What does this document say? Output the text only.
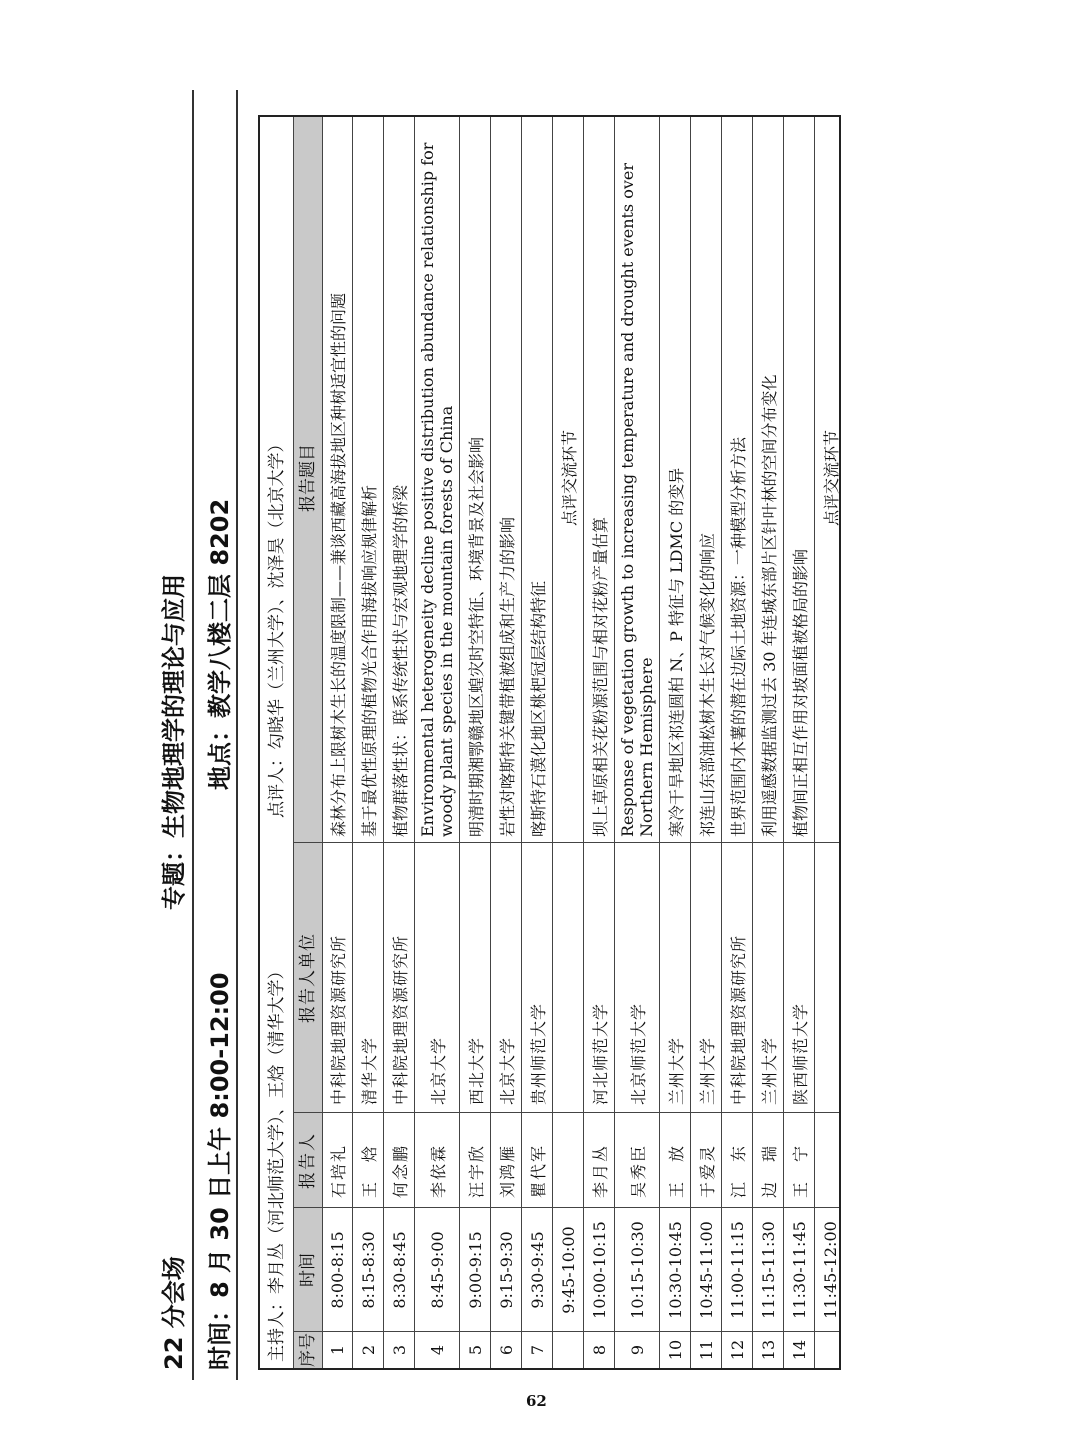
22 分会场
专题：生物地理学的理论与应用
时间：8 月 30 日上午 8:00-12:00
地点：教学八楼二层 8202
主持人：李月丛（河北师范大学）、王焓（清华大学）
点评人：勾晓华（兰州大学）、沈泽昊（北京大学）
序号
时间
报告人
报告人单位
报告题目
1
8:00-8:15
石培礼
中科院地理资源研究所
森林分布上限树木生长的温度限制——兼谈西藏高海拔地区种树适宜性的问题
2
8:15-8:30
王　焓
清华大学
基于最优性原理的植物光合作用海拔响应规律解析
3
8:30-8:45
何念鹏
中科院地理资源研究所
植物群落性状：联系传统性状与宏观地理学的桥梁
4
8:45-9:00
李依霖
北京大学
Environmental heterogeneity decline positive distribution abundance relationship for woody plant species in the mountain forests of China
5
9:00-9:15
汪宇欣
西北大学
明清时期湘鄂赣地区蝗灾时空特征、环境背景及社会影响
6
9:15-9:30
刘鸿雁
北京大学
岩性对喀斯特关键带植被组成和生产力的影响
7
9:30-9:45
瞿代军
贵州师范大学
喀斯特石漠化地区桃杷冠层结构特征
9:45-10:00
点评交流环节
8
10:00-10:15
李月丛
河北师范大学
坝上草原相关花粉源范围与相对花粉产量估算
9
10:15-10:30
吴秀臣
北京师范大学
Response of vegetation growth to increasing temperature and drought events over Northern Hemisphere
10
10:30-10:45
王　放
兰州大学
寒冷干旱地区祁连圆柏 N、P 特征与 LDMC 的变异
11
10:45-11:00
于爱灵
兰州大学
祁连山东部油松树木生长对气候变化的响应
12
11:00-11:15
江　东
中科院地理资源研究所
世界范围内木薯的潜在边际土地资源：一种模型分析方法
13
11:15-11:30
边　瑞
兰州大学
利用遥感数据监测过去 30 年连城东部片区针叶林的空间分布变化
14
11:30-11:45
王　宁
陕西师范大学
植物间正相互作用对坡面植被格局的影响
11:45-12:00
点评交流环节
62
